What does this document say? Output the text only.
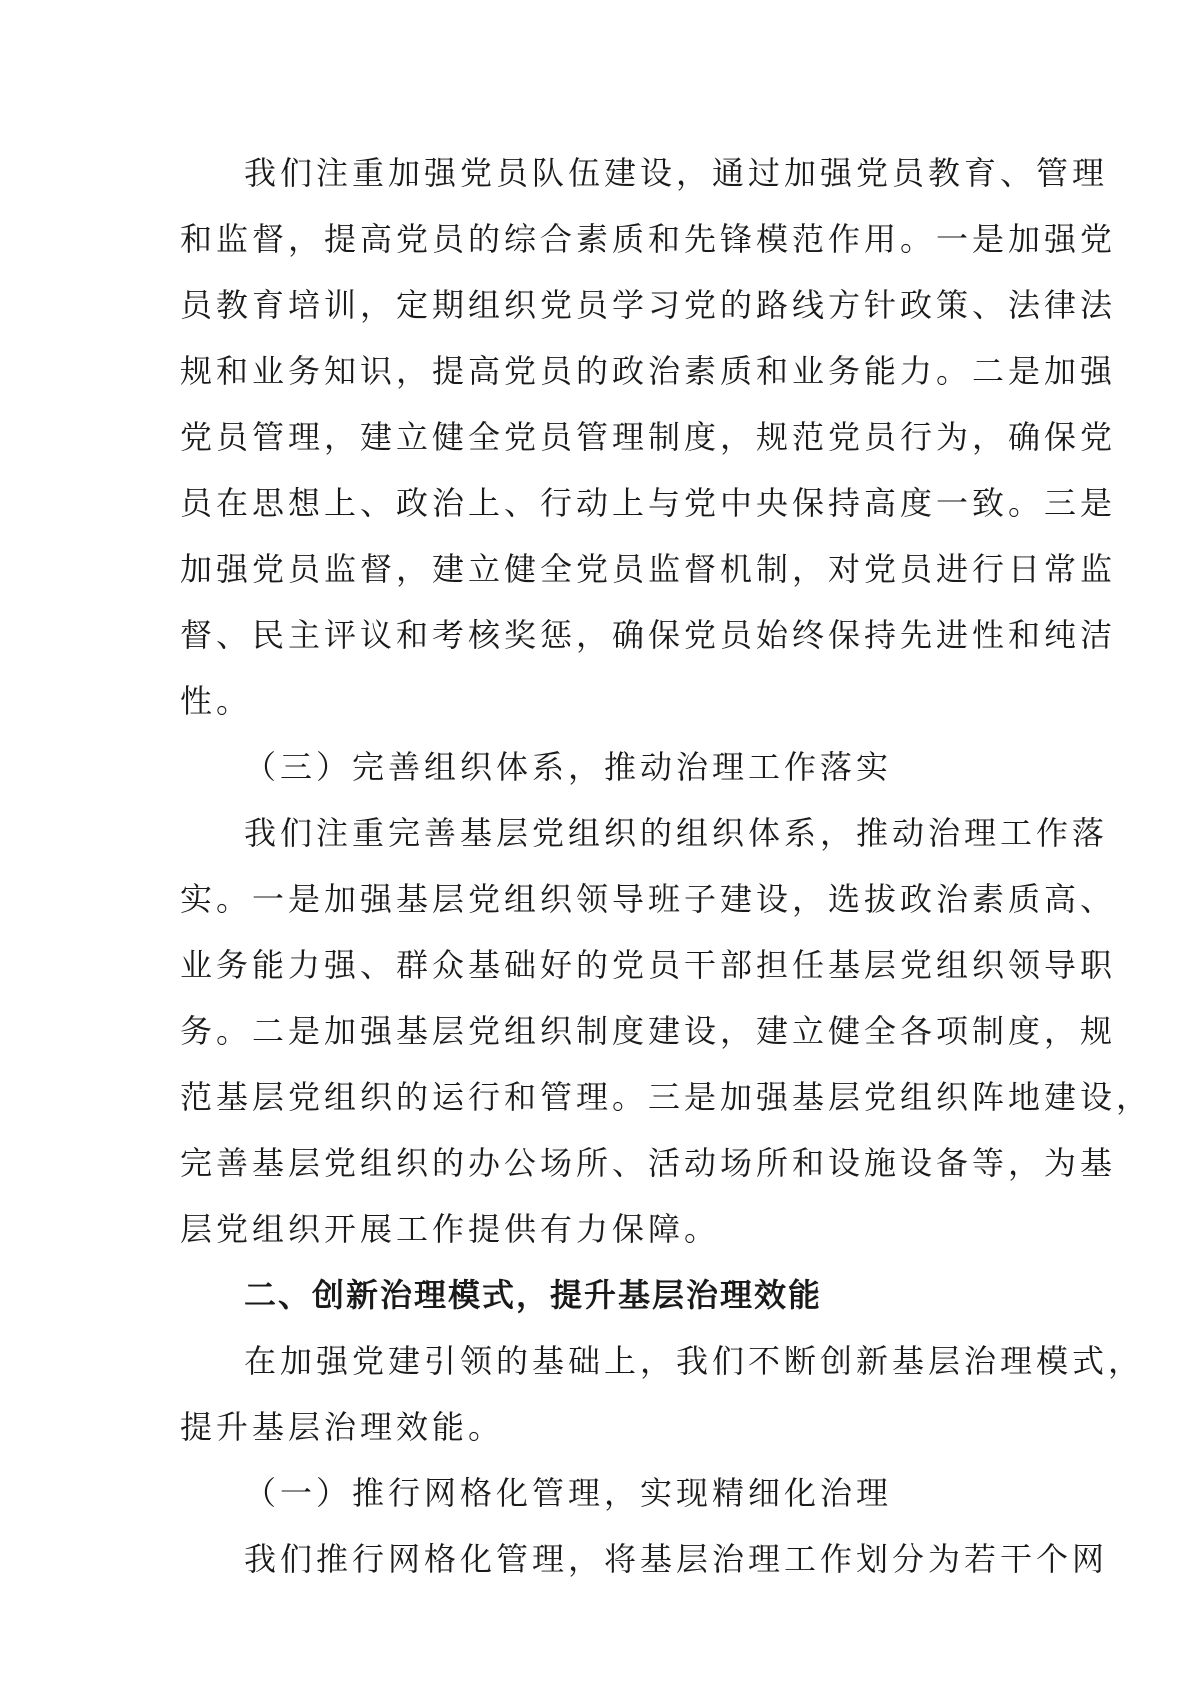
我们注重加强党员队伍建设，通过加强党员教育、管理
和监督，提高党员的综合素质和先锋模范作用。一是加强党
员教育培训，定期组织党员学习党的路线方针政策、法律法
规和业务知识，提高党员的政治素质和业务能力。二是加强
党员管理，建立健全党员管理制度，规范党员行为，确保党
员在思想上、政治上、行动上与党中央保持高度一致。三是
加强党员监督，建立健全党员监督机制，对党员进行日常监
督、民主评议和考核奖惩，确保党员始终保持先进性和纯洁
性。
（三）完善组织体系，推动治理工作落实
我们注重完善基层党组织的组织体系，推动治理工作落
实。一是加强基层党组织领导班子建设，选拔政治素质高、
业务能力强、群众基础好的党员干部担任基层党组织领导职
务。二是加强基层党组织制度建设，建立健全各项制度，规
范基层党组织的运行和管理。三是加强基层党组织阵地建设，
完善基层党组织的办公场所、活动场所和设施设备等，为基
层党组织开展工作提供有力保障。
二、创新治理模式，提升基层治理效能
在加强党建引领的基础上，我们不断创新基层治理模式，
提升基层治理效能。
（一）推行网格化管理，实现精细化治理
我们推行网格化管理，将基层治理工作划分为若干个网
